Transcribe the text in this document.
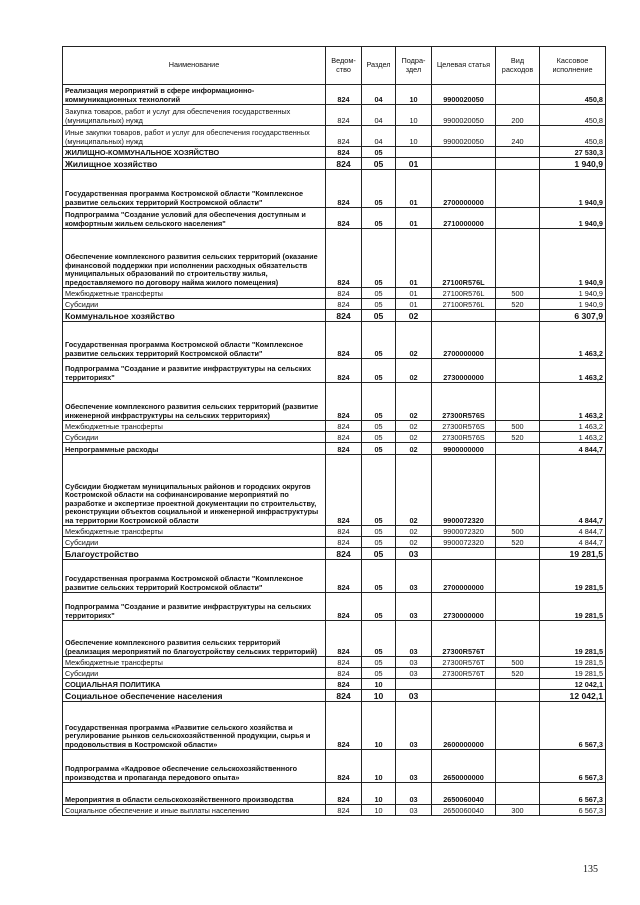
Наименование	Ведом-ство	Раздел	Подра-здел	Целевая статья	Вид расходов	Кассовое исполнение
Реализация мероприятий в сфере информационно-коммуникационных технологий	824	04	10	9900020050		450,8
Закупка товаров, работ и услуг для обеспечения государственных (муниципальных) нужд	824	04	10	9900020050	200	450,8
Иные закупки товаров, работ и услуг для обеспечения государственных (муниципальных) нужд	824	04	10	9900020050	240	450,8
ЖИЛИЩНО-КОММУНАЛЬНОЕ ХОЗЯЙСТВО	824	05				27 530,3
Жилищное хозяйство	824	05	01			1 940,9
Государственная программа Костромской области "Комплексное развитие сельских территорий Костромской области"	824	05	01	2700000000		1 940,9
Подпрограмма "Создание условий для обеспечения доступным и комфортным жильем сельского населения"	824	05	01	2710000000		1 940,9
Обеспечение комплексного развития сельских территорий (оказание финансовой поддержки при исполнении расходных обязательств муниципальных образований по строительству жилья, предоставляемого по договору найма жилого помещения)	824	05	01	27100R576L		1 940,9
Межбюджетные трансферты	824	05	01	27100R576L	500	1 940,9
Субсидии	824	05	01	27100R576L	520	1 940,9
Коммунальное хозяйство	824	05	02			6 307,9
Государственная программа Костромской области "Комплексное развитие сельских территорий Костромской области"	824	05	02	2700000000		1 463,2
Подпрограмма "Создание и развитие инфраструктуры на сельских территориях"	824	05	02	2730000000		1 463,2
Обеспечение комплексного развития сельских территорий (развитие инженерной инфраструктуры на сельских территориях)	824	05	02	27300R576S		1 463,2
Межбюджетные трансферты	824	05	02	27300R576S	500	1 463,2
Субсидии	824	05	02	27300R576S	520	1 463,2
Непрограммные расходы	824	05	02	9900000000		4 844,7
Субсидии бюджетам муниципальных районов и городских округов Костромской области на софинансирование мероприятий по разработке и экспертизе проектной документации по строительству, реконструкции объектов социальной и инженерной инфраструктуры на территории Костромской области	824	05	02	9900072320		4 844,7
Межбюджетные трансферты	824	05	02	9900072320	500	4 844,7
Субсидии	824	05	02	9900072320	520	4 844,7
Благоустройство	824	05	03			19 281,5
Государственная программа Костромской области "Комплексное развитие сельских территорий Костромской области"	824	05	03	2700000000		19 281,5
Подпрограмма "Создание и развитие инфраструктуры на сельских территориях"	824	05	03	2730000000		19 281,5
Обеспечение комплексного развития сельских территорий (реализация мероприятий по благоустройству сельских территорий)	824	05	03	27300R576T		19 281,5
Межбюджетные трансферты	824	05	03	27300R576T	500	19 281,5
Субсидии	824	05	03	27300R576T	520	19 281,5
СОЦИАЛЬНАЯ ПОЛИТИКА	824	10				12 042,1
Социальное обеспечение населения	824	10	03			12 042,1
Государственная программа «Развитие сельского хозяйства и регулирование рынков сельскохозяйственной продукции, сырья и продовольствия в Костромской области»	824	10	03	2600000000		6 567,3
Подпрограмма «Кадровое обеспечение сельскохозяйственного производства и пропаганда передового опыта»	824	10	03	2650000000		6 567,3
Мероприятия в области сельскохозяйственного производства	824	10	03	2650060040		6 567,3
Социальное обеспечение и иные выплаты населению	824	10	03	2650060040	300	6 567,3
135
